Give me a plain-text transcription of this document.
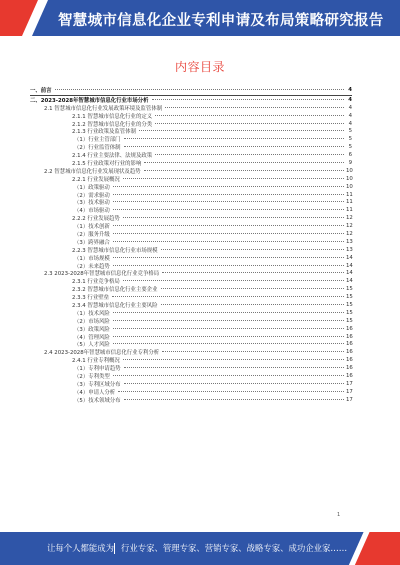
智慧城市信息化企业专利申请及布局策略研究报告
内容目录
一、前言	4
二、2023-2028年智慧城市信息化行业市场分析	4
2.1 智慧城市信息化行业发展政策环境及监管体制	4
2.1.1 智慧城市信息化行业的定义	4
2.1.2 智慧城市信息化行业的分类	4
2.1.3 行业政策及监管体制	5
（1）行业主管部门	5
（2）行业监管体制	5
2.1.4 行业主要法律、法规及政策	6
2.1.5 行业政策对行业的影响	9
2.2 智慧城市信息化行业发展现状及趋势	10
2.2.1 行业发展概况	10
（1）政策驱动	10
（2）需求驱动	11
（3）技术驱动	11
（4）市场驱动	11
2.2.2 行业发展趋势	12
（1）技术创新	12
（2）服务升级	12
（3）跨界融合	13
2.2.3 智慧城市信息化行业市场规模	13
（1）市场规模	14
（2）未来趋势	14
2.3 2023-2028年智慧城市信息化行业竞争格局	14
2.3.1 行业竞争格局	14
2.3.2 智慧城市信息化行业主要企业	15
2.3.3 行业壁垒	15
2.3.4 智慧城市信息化行业主要风险	15
（1）技术风险	15
（2）市场风险	15
（3）政策风险	16
（4）管理风险	16
（5）人才风险	16
2.4 2023-2028年智慧城市信息化行业专利分析	16
2.4.1 行业专利概况	16
（1）专利申请趋势	16
（2）专利类型	16
（3）专利区域分布	17
（4）申请人分析	17
（5）技术领域分布	17
1
让每个人都能成为 行业专家、管理专家、营销专家、战略专家、成功企业家……
